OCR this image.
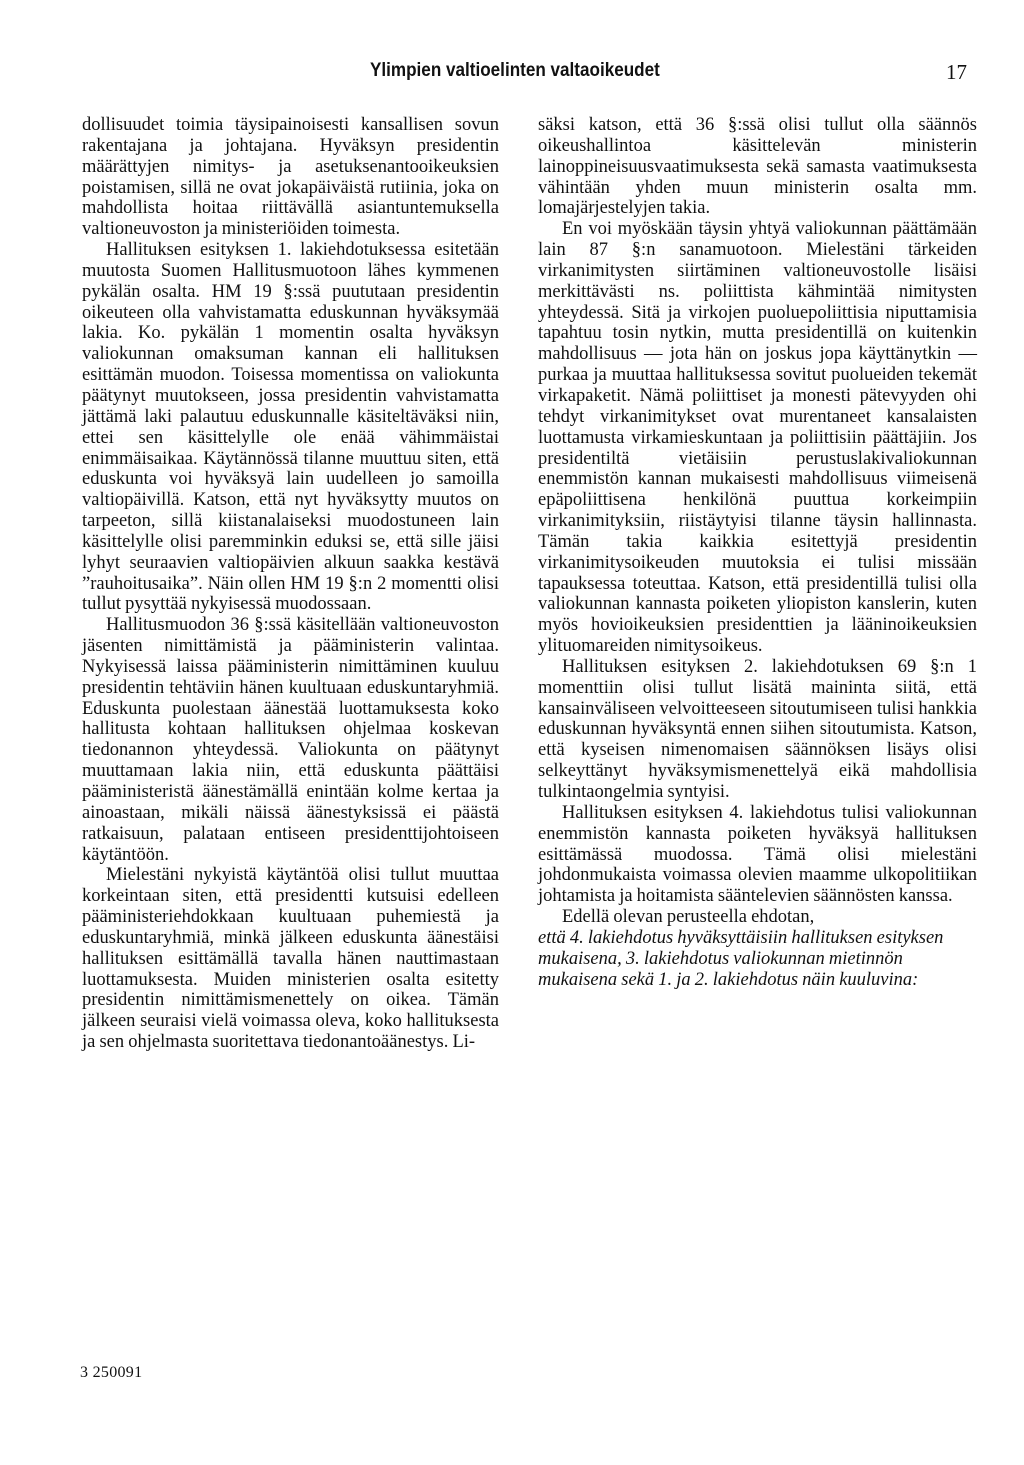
Ylimpien valtioelinten valtaoikeudet	17

dollisuudet toimia täysipainoisesti kansallisen sovun rakentajana ja johtajana. Hyväksyn presidentin määrättyjen nimitys- ja asetuksenantooikeuksien poistamisen, sillä ne ovat jokapäiväistä rutiinia, joka on mahdollista hoitaa riittävällä asiantuntemuksella valtioneuvoston ja ministeriöiden toimesta.

Hallituksen esityksen 1. lakiehdotuksessa esitetään muutosta Suomen Hallitusmuotoon lähes kymmenen pykälän osalta. HM 19 §:ssä puututaan presidentin oikeuteen olla vahvistamatta eduskunnan hyväksymää lakia. Ko. pykälän 1 momentin osalta hyväksyn valiokunnan omaksuman kannan eli hallituksen esittämän muodon. Toisessa momentissa on valiokunta päätynyt muutokseen, jossa presidentin vahvistamatta jättämä laki palautuu eduskunnalle käsiteltäväksi niin, ettei sen käsittelylle ole enää vähimmäistai enimmäisaikaa. Käytännössä tilanne muuttuu siten, että eduskunta voi hyväksyä lain uudelleen jo samoilla valtiopäivillä. Katson, että nyt hyväksytty muutos on tarpeeton, sillä kiistanalaiseksi muodostuneen lain käsittelylle olisi paremminkin eduksi se, että sille jäisi lyhyt seuraavien valtiopäivien alkuun saakka kestävä ”rauhoitusaika”. Näin ollen HM 19 §:n 2 momentti olisi tullut pysyttää nykyisessä muodossaan.

Hallitusmuodon 36 §:ssä käsitellään valtioneuvoston jäsenten nimittämistä ja pääministerin valintaa. Nykyisessä laissa pääministerin nimittäminen kuuluu presidentin tehtäviin hänen kuultuaan eduskuntaryhmiä. Eduskunta puolestaan äänestää luottamuksesta koko hallitusta kohtaan hallituksen ohjelmaa koskevan tiedonannon yhteydessä. Valiokunta on päätynyt muuttamaan lakia niin, että eduskunta päättäisi pääministeristä äänestämällä enintään kolme kertaa ja ainoastaan, mikäli näissä äänestyksissä ei päästä ratkaisuun, palataan entiseen presidenttijohtoiseen käytäntöön.

Mielestäni nykyistä käytäntöä olisi tullut muuttaa korkeintaan siten, että presidentti kutsuisi edelleen pääministeriehdokkaan kuultuaan puhemiestä ja eduskuntaryhmiä, minkä jälkeen eduskunta äänestäisi hallituksen esittämällä tavalla hänen nauttimastaan luottamuksesta. Muiden ministerien osalta esitetty presidentin nimittämismenettely on oikea. Tämän jälkeen seuraisi vielä voimassa oleva, koko hallituksesta ja sen ohjelmasta suoritettava tiedonantoäänestys. Li-

säksi katson, että 36 §:ssä olisi tullut olla säännös oikeushallintoa käsittelevän ministerin lainoppineisuusvaatimuksesta sekä samasta vaatimuksesta vähintään yhden muun ministerin osalta mm. lomajärjestelyjen takia.

En voi myöskään täysin yhtyä valiokunnan päättämään lain 87 §:n sanamuotoon. Mielestäni tärkeiden virkanimitysten siirtäminen valtioneuvostolle lisäisi merkittävästi ns. poliittista kähmintää nimitysten yhteydessä. Sitä ja virkojen puoluepoliittisia niputtamisia tapahtuu tosin nytkin, mutta presidentillä on kuitenkin mahdollisuus — jota hän on joskus jopa käyttänytkin — purkaa ja muuttaa hallituksessa sovitut puolueiden tekemät virkapaketit. Nämä poliittiset ja monesti pätevyyden ohi tehdyt virkanimitykset ovat murentaneet kansalaisten luottamusta virkamieskuntaan ja poliittisiin päättäjiin. Jos presidentiltä vietäisiin perustuslakivaliokunnan enemmistön kannan mukaisesti mahdollisuus viimeisenä epäpoliittisena henkilönä puuttua korkeimpiin virkanimityksiin, riistäytyisi tilanne täysin hallinnasta. Tämän takia kaikkia esitettyjä presidentin virkanimitysoikeuden muutoksia ei tulisi missään tapauksessa toteuttaa. Katson, että presidentillä tulisi olla valiokunnan kannasta poiketen yliopiston kanslerin, kuten myös hovioikeuksien presidenttien ja lääninoikeuksien ylituomareiden nimitysoikeus.

Hallituksen esityksen 2. lakiehdotuksen 69 §:n 1 momenttiin olisi tullut lisätä maininta siitä, että kansainväliseen velvoitteeseen sitoutumiseen tulisi hankkia eduskunnan hyväksyntä ennen siihen sitoutumista. Katson, että kyseisen nimenomaisen säännöksen lisäys olisi selkeyttänyt hyväksymismenettelyä eikä mahdollisia tulkintaongelmia syntyisi.

Hallituksen esityksen 4. lakiehdotus tulisi valiokunnan enemmistön kannasta poiketen hyväksyä hallituksen esittämässä muodossa. Tämä olisi mielestäni johdonmukaista voimassa olevien maamme ulkopolitiikan johtamista ja hoitamista sääntelevien säännösten kanssa.

Edellä olevan perusteella ehdotan,

että 4. lakiehdotus hyväksyttäisiin hallituksen esityksen mukaisena, 3. lakiehdotus valiokunnan mietinnön mukaisena sekä 1. ja 2. lakiehdotus näin kuuluvina:

3 250091
